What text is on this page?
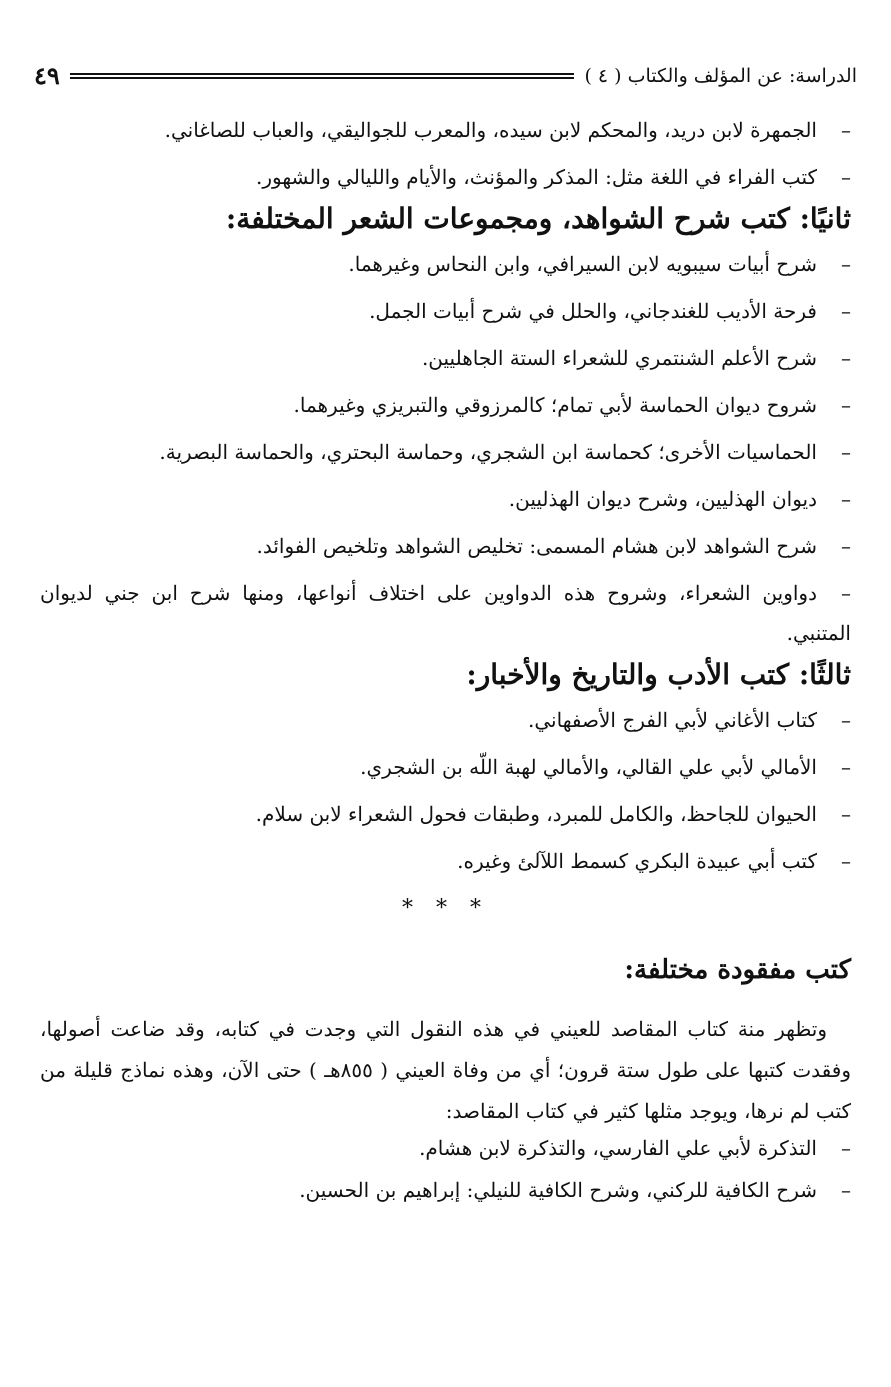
٤٩	الدراسة: عن المؤلف والكتاب ( ٤ )
–الجمهرة لابن دريد، والمحكم لابن سيده، والمعرب للجواليقي، والعباب للصاغاني.
–كتب الفراء في اللغة مثل: المذكر والمؤنث، والأيام والليالي والشهور.
ثانيًا: كتب شرح الشواهد، ومجموعات الشعر المختلفة:
–شرح أبيات سيبويه لابن السيرافي، وابن النحاس وغيرهما.
–فرحة الأديب للغندجاني، والحلل في شرح أبيات الجمل.
–شرح الأعلم الشنتمري للشعراء الستة الجاهليين.
–شروح ديوان الحماسة لأبي تمام؛ كالمرزوقي والتبريزي وغيرهما.
–الحماسيات الأخرى؛ كحماسة ابن الشجري، وحماسة البحتري، والحماسة البصرية.
–ديوان الهذليين، وشرح ديوان الهذليين.
–شرح الشواهد لابن هشام المسمى: تخليص الشواهد وتلخيص الفوائد.
–دواوين الشعراء، وشروح هذه الدواوين على اختلاف أنواعها، ومنها شرح ابن جني لديوان المتنبي.
ثالثًا: كتب الأدب والتاريخ والأخبار:
–كتاب الأغاني لأبي الفرج الأصفهاني.
–الأمالي لأبي علي القالي، والأمالي لهبة اللّه بن الشجري.
–الحيوان للجاحظ، والكامل للمبرد، وطبقات فحول الشعراء لابن سلام.
–كتب أبي عبيدة البكري كسمط اللآلئ وغيره.
* * *
كتب مفقودة مختلفة:

وتظهر منة كتاب المقاصد للعيني في هذه النقول التي وجدت في كتابه، وقد ضاعت أصولها، وفقدت كتبها على طول ستة قرون؛ أي من وفاة العيني ( ٨٥٥هـ ) حتى الآن، وهذه نماذج قليلة من كتب لم نرها، ويوجد مثلها كثير في كتاب المقاصد:

–التذكرة لأبي علي الفارسي، والتذكرة لابن هشام.
–شرح الكافية للركني، وشرح الكافية للنيلي: إبراهيم بن الحسين.
